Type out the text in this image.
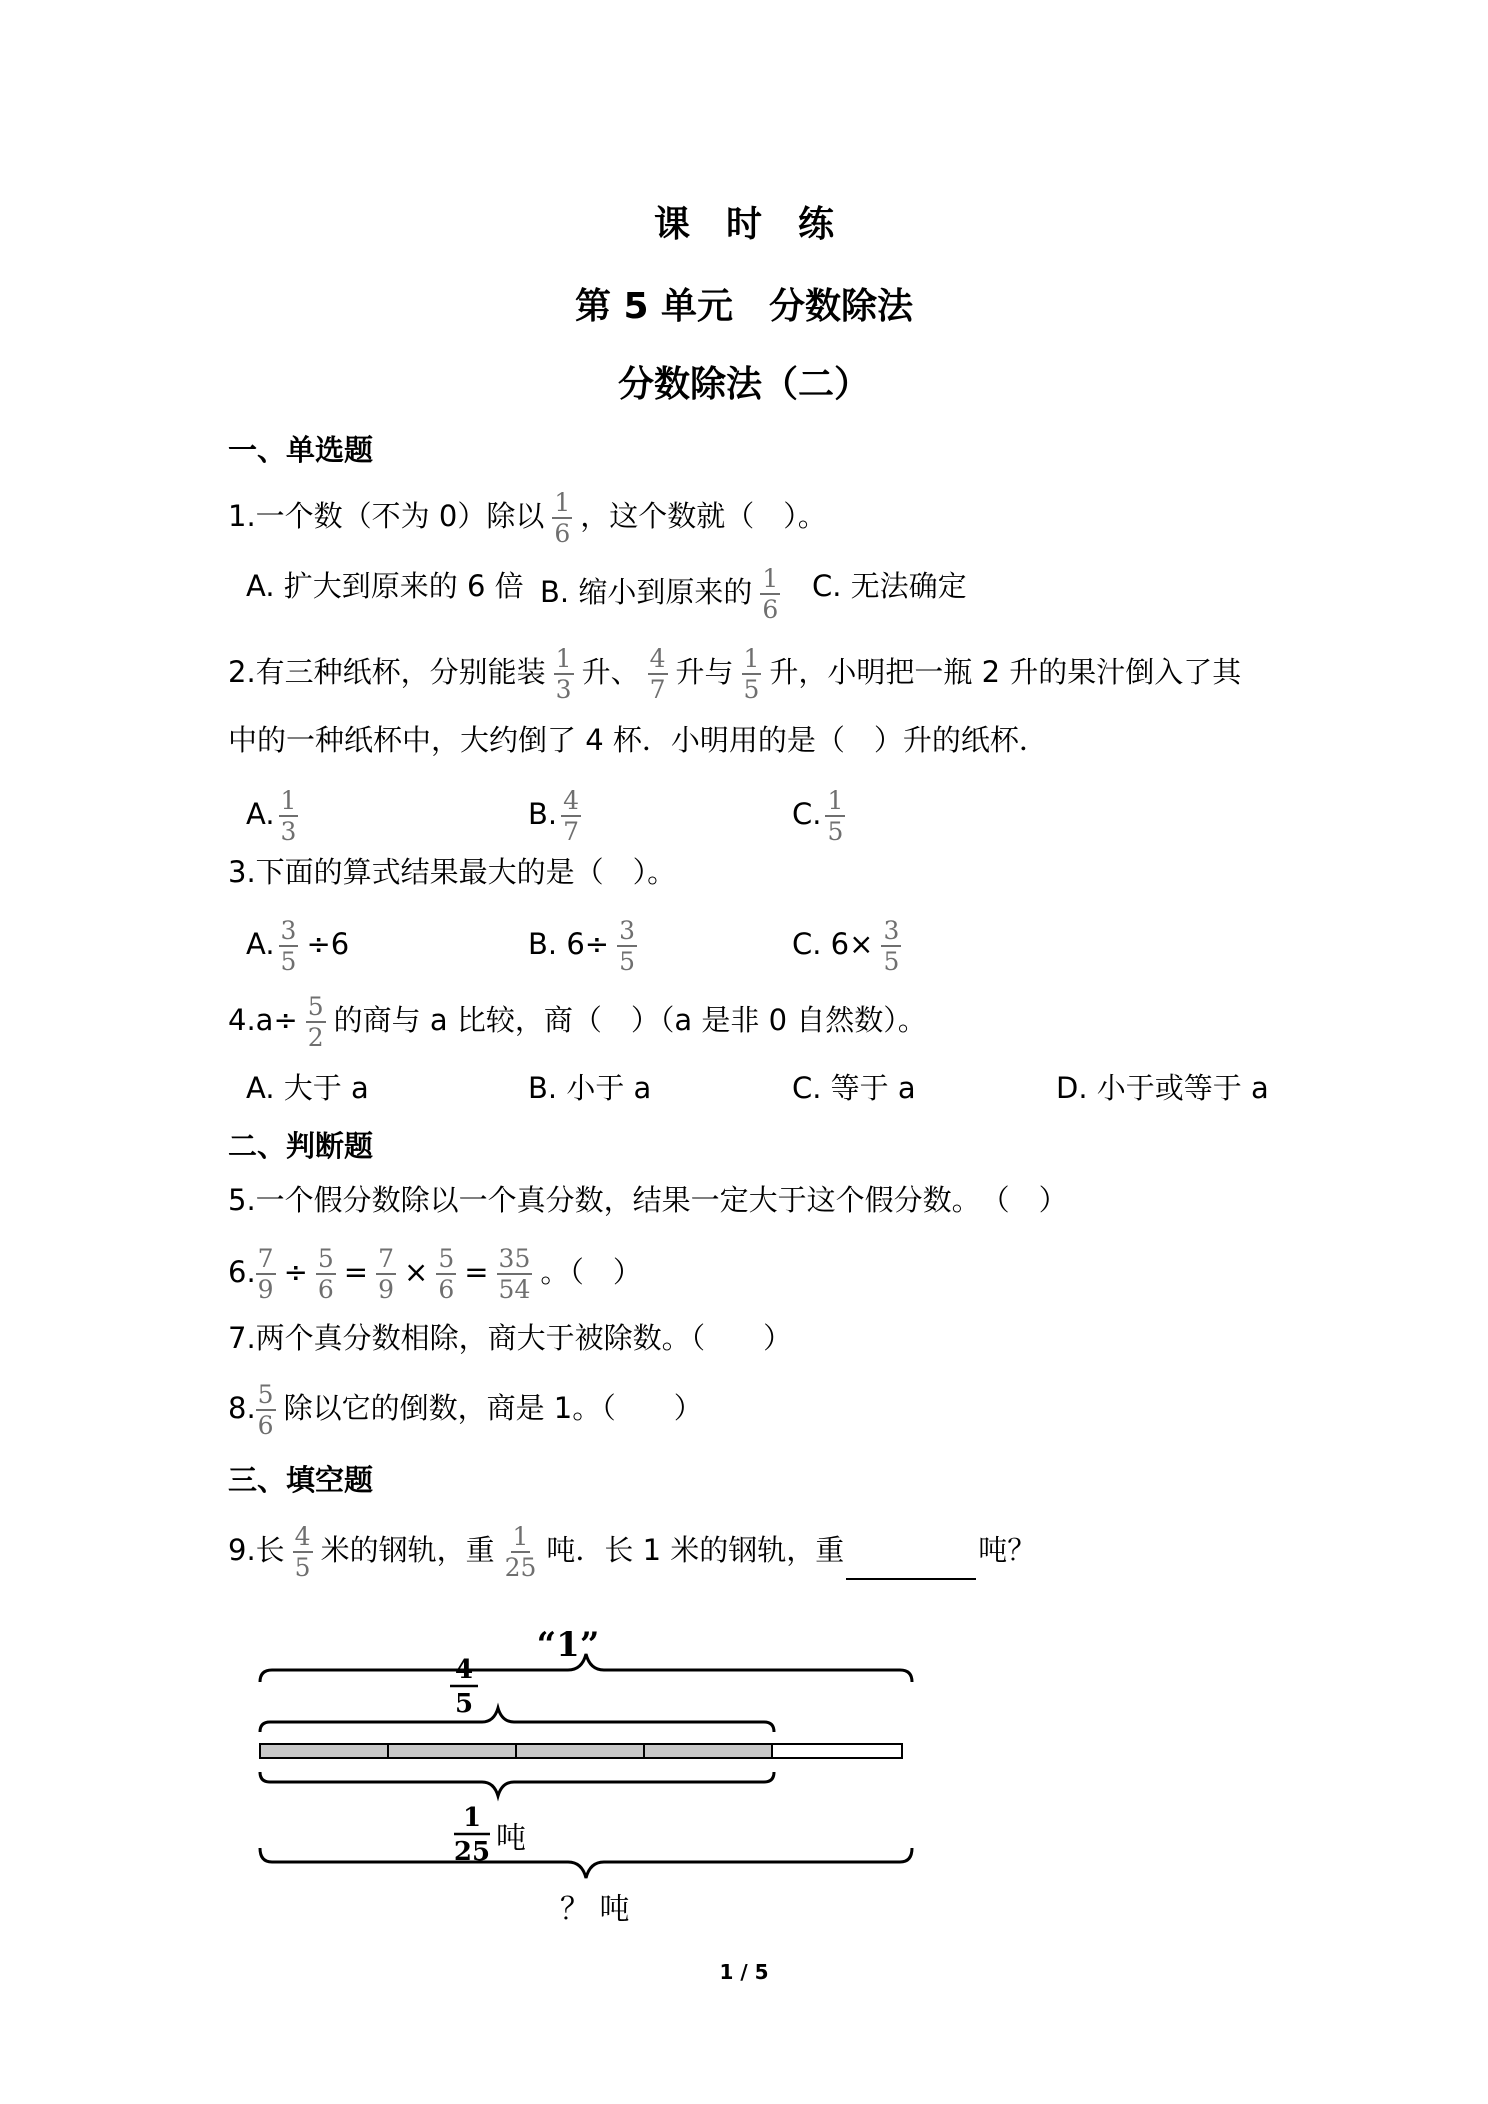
课　时　练
第 5 单元　分数除法
分数除法（二）
一、单选题
1.一个数（不为 0）除以 $\frac{1}{6}$ ，这个数就（　）。
A. 扩大到原来的 6 倍 B. 缩小到原来的 $\frac{1}{6} C$. 无法确定
2.有三种纸杯，分别能装 $\frac{1}{3}$ 升、 $\frac{4}{7}$ 升与 $\frac{1}{5}$ 升，小明把一瓶 2 升的果汁倒入了其
中的一种纸杯中，大约倒了 4 杯．小明用的是（　）升的纸杯．
A. $\frac{1}{3}$	B. $\frac{4}{7}$	C. $\frac{1}{5}$
3.下面的算式结果最大的是（　）。
A. $\frac{3}{5} \div 6$	B. $6\div \frac{3}{5}$	C. $6\times \frac{3}{5}$
$4.a\div \frac{5}{2}$ 的商与 a 比较，商（　）（a 是非 0 自然数）。
A. 大于 a	B. 小于 a	C. 等于 a	D. 小于或等于 a
二、判断题
5.一个假分数除以一个真分数，结果一定大于这个假分数。　（　）
6. $\frac{7}{9} \div \frac{5}{6} = \frac{7}{9} \times \frac{5}{6} = \frac{35}{54}$ 。（　）
7.两个真分数相除，商大于被除数。（　　）
8. $\frac{5}{6}$ 除以它的倒数，商是 1。（　　）
三、填空题
9.长 $\frac{4}{5}$ 米的钢轨，重 $\frac{1}{25}$ 吨．长 1 米的钢轨，重	吨？
“1”
4
5
1
25 吨
？ 吨
1 / 5
